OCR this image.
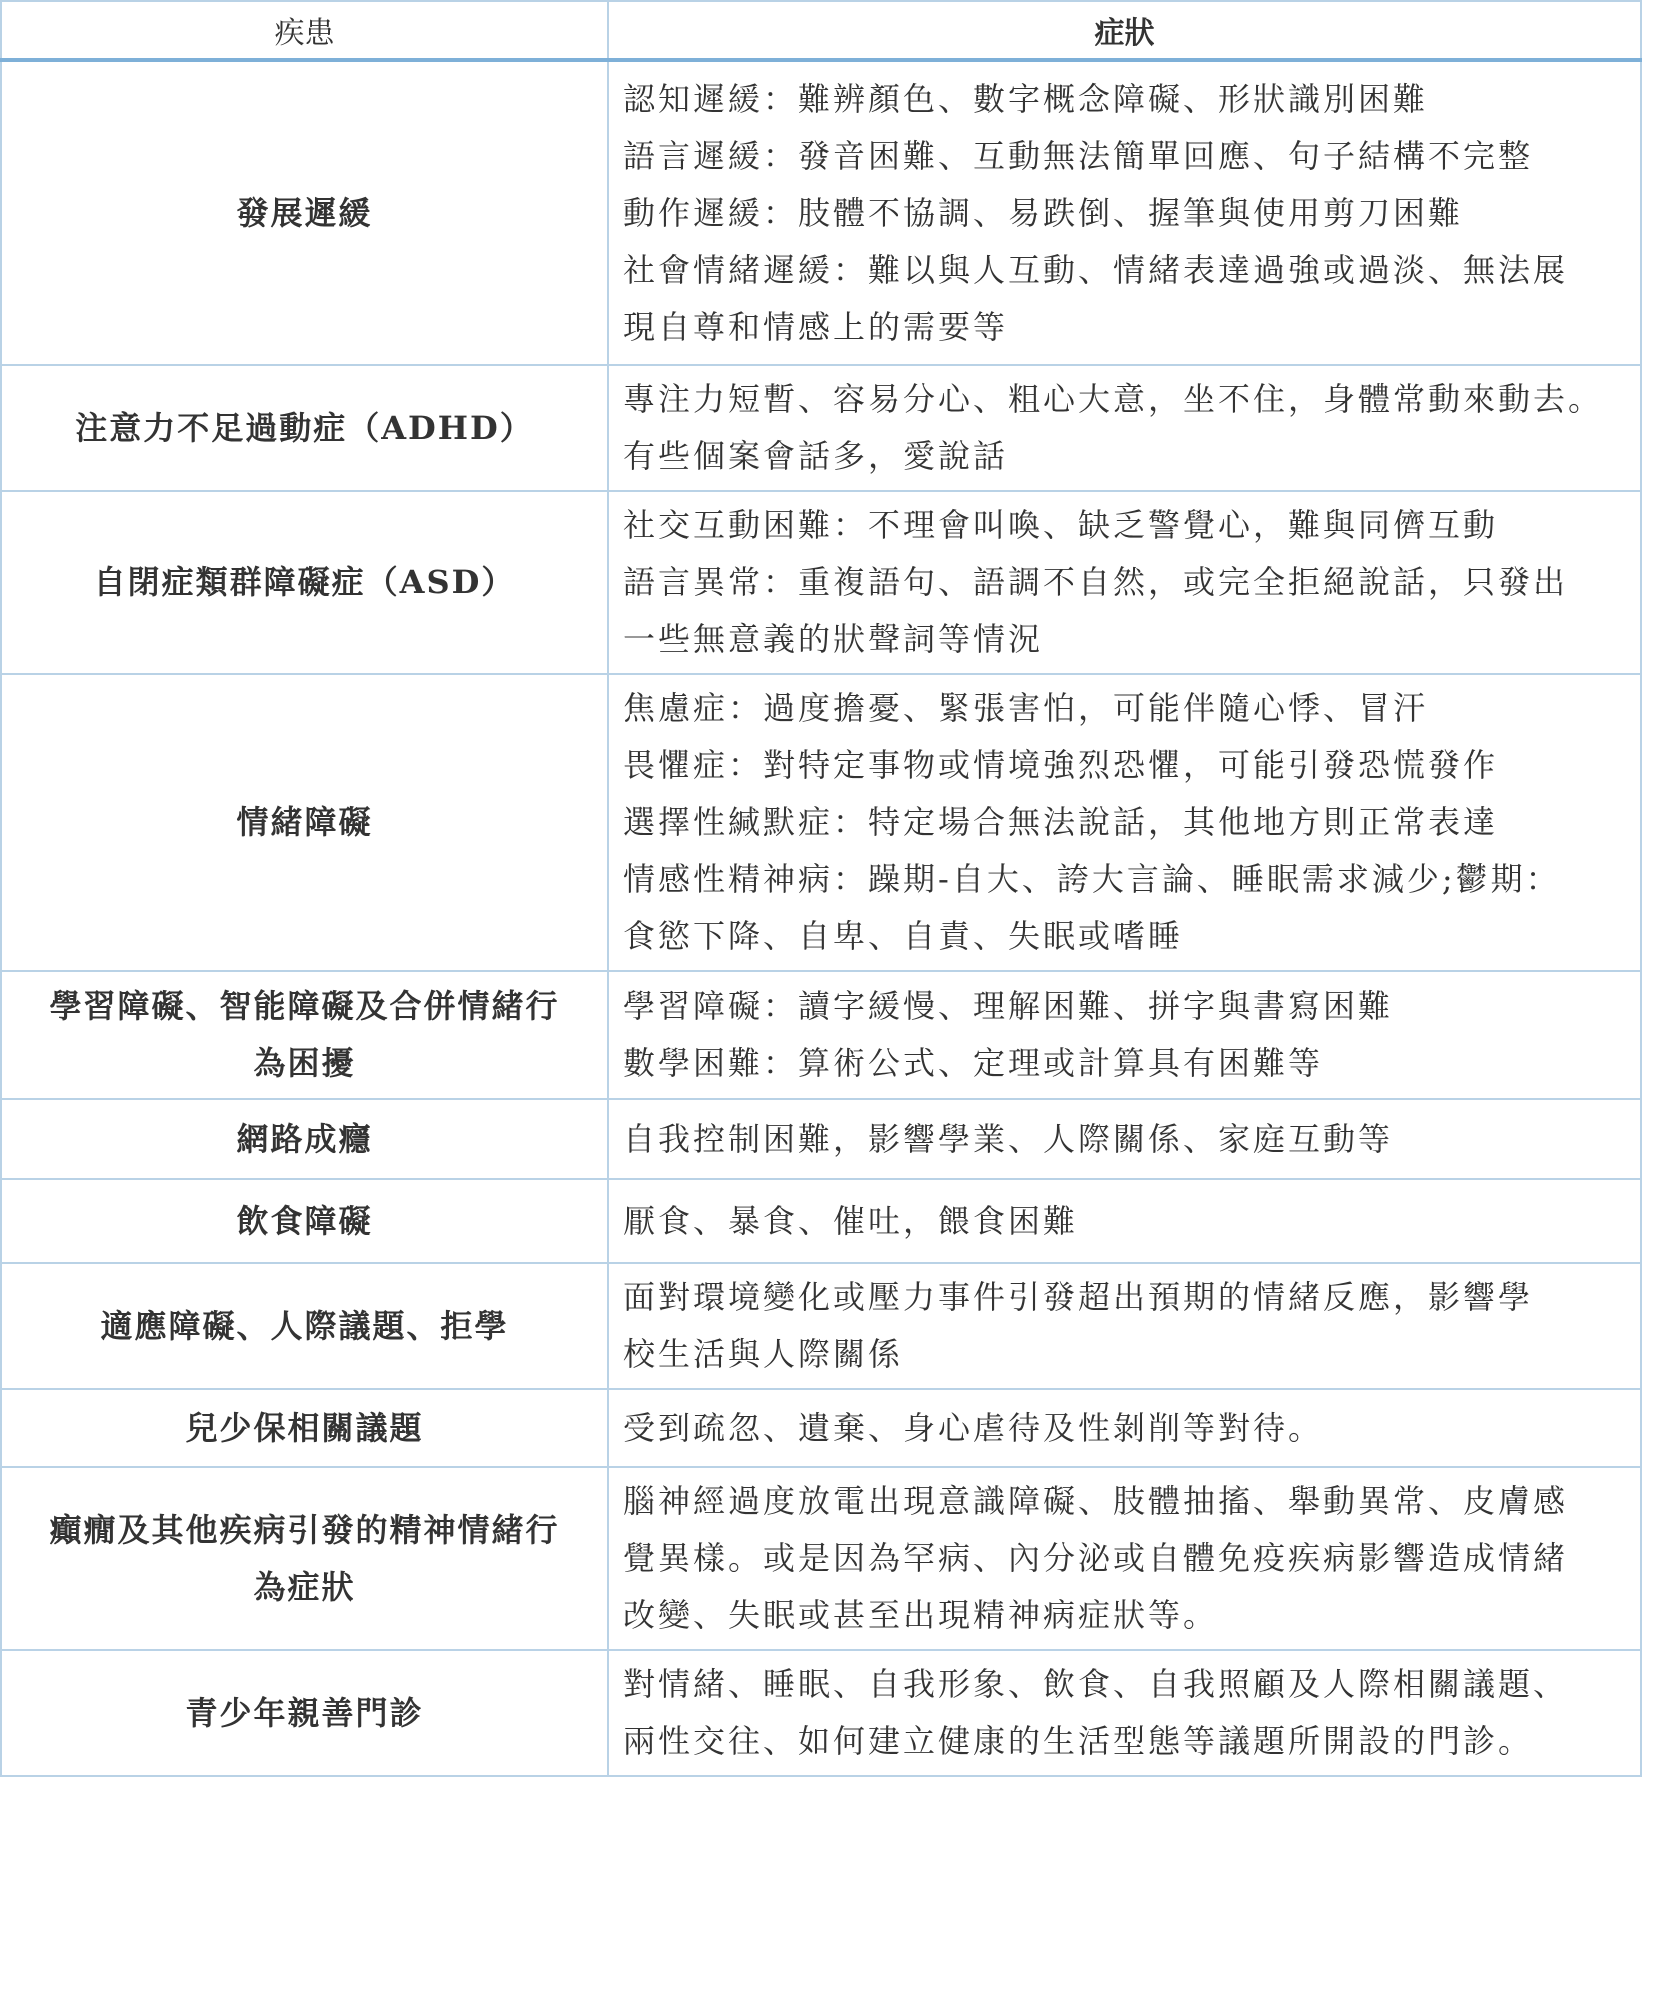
疾患	症狀

發展遲緩	認知遲緩：難辨顏色、數字概念障礙、形狀識別困難
語言遲緩：發音困難、互動無法簡單回應、句子結構不完整
動作遲緩：肢體不協調、易跌倒、握筆與使用剪刀困難
社會情緒遲緩：難以與人互動、情緒表達過強或過淡、無法展
現自尊和情感上的需要等

注意力不足過動症（ADHD）	專注力短暫、容易分心、粗心大意，坐不住，身體常動來動去。
有些個案會話多，愛說話

自閉症類群障礙症（ASD）	社交互動困難：不理會叫喚、缺乏警覺心，難與同儕互動
語言異常：重複語句、語調不自然，或完全拒絕說話，只發出
一些無意義的狀聲詞等情況

情緒障礙	焦慮症：過度擔憂、緊張害怕，可能伴隨心悸、冒汗
畏懼症：對特定事物或情境強烈恐懼，可能引發恐慌發作
選擇性緘默症：特定場合無法說話，其他地方則正常表達
情感性精神病：躁期-自大、誇大言論、睡眠需求減少;鬱期：
食慾下降、自卑、自責、失眠或嗜睡

學習障礙、智能障礙及合併情緒行
為困擾	學習障礙：讀字緩慢、理解困難、拼字與書寫困難
數學困難：算術公式、定理或計算具有困難等

網路成癮	自我控制困難，影響學業、人際關係、家庭互動等

飲食障礙	厭食、暴食、催吐，餵食困難

適應障礙、人際議題、拒學	面對環境變化或壓力事件引發超出預期的情緒反應，影響學
校生活與人際關係

兒少保相關議題	受到疏忽、遺棄、身心虐待及性剝削等對待。

癲癇及其他疾病引發的精神情緒行
為症狀	腦神經過度放電出現意識障礙、肢體抽搐、舉動異常、皮膚感
覺異樣。或是因為罕病、內分泌或自體免疫疾病影響造成情緒
改變、失眠或甚至出現精神病症狀等。

青少年親善門診	對情緒、睡眠、自我形象、飲食、自我照顧及人際相關議題、
兩性交往、如何建立健康的生活型態等議題所開設的門診。
